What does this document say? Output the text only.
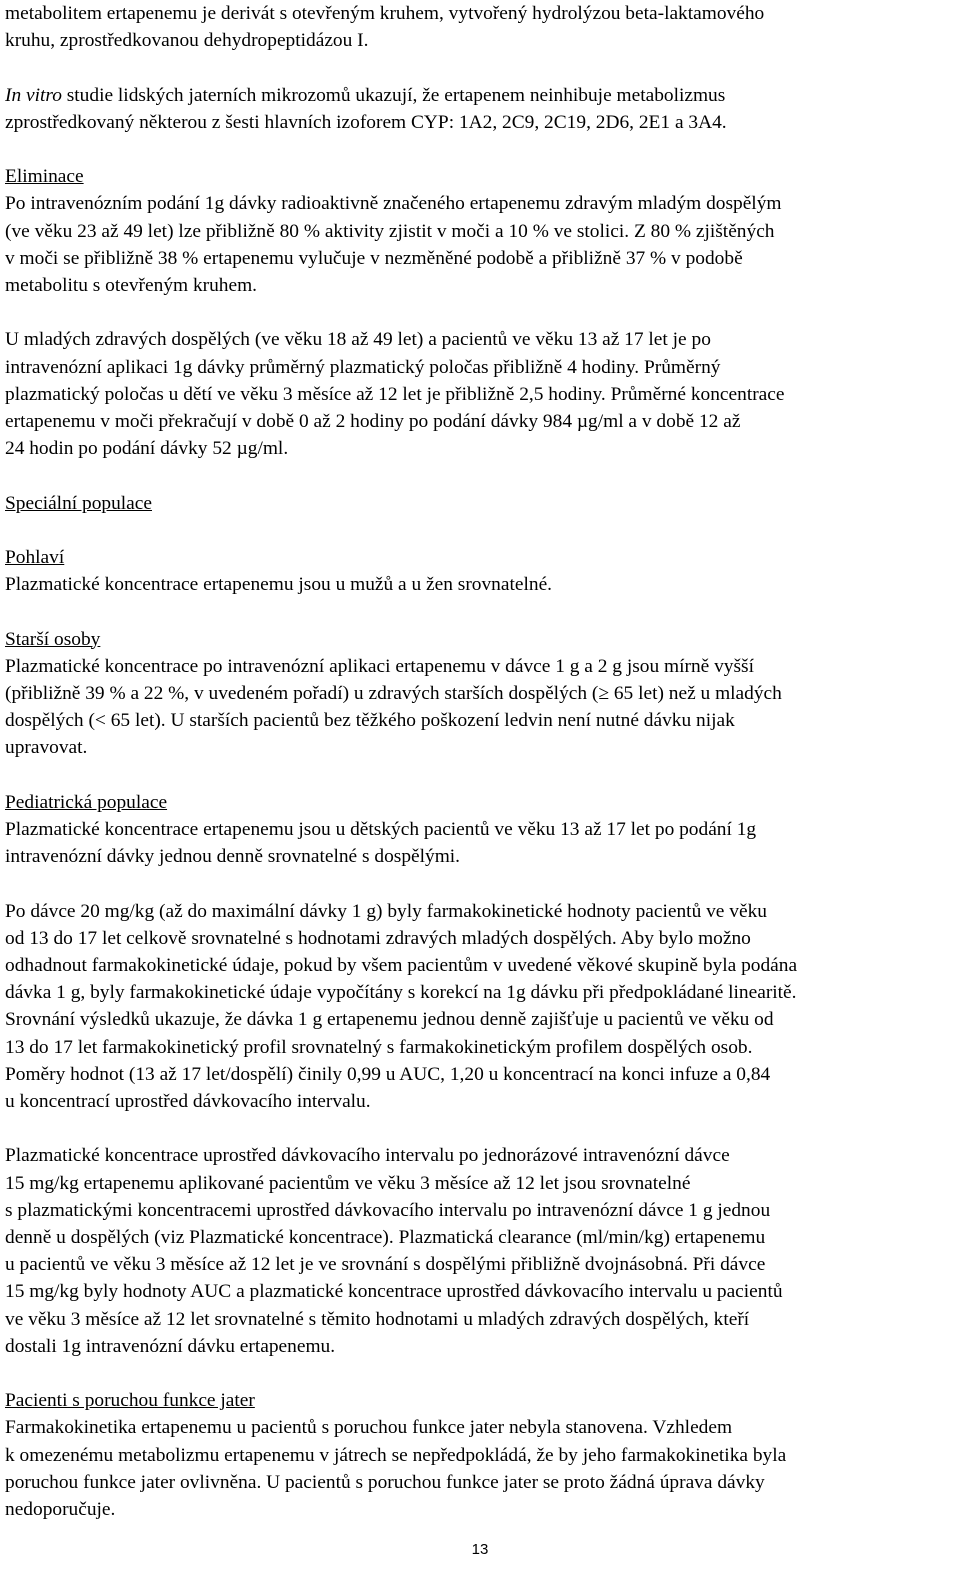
metabolitem ertapenemu je derivát s otevřeným kruhem, vytvořený hydrolýzou beta-laktamového
kruhu, zprostředkovanou dehydropeptidázou I.

In vitro studie lidských jaterních mikrozomů ukazují, že ertapenem neinhibuje metabolizmus
zprostředkovaný některou z šesti hlavních izoforem CYP: 1A2, 2C9, 2C19, 2D6, 2E1 a 3A4.

Eliminace
Po intravenózním podání 1g dávky radioaktivně značeného ertapenemu zdravým mladým dospělým
(ve věku 23 až 49 let) lze přibližně 80 % aktivity zjistit v moči a 10 % ve stolici. Z 80 % zjištěných
v moči se přibližně 38 % ertapenemu vylučuje v nezměněné podobě a přibližně 37 % v podobě
metabolitu s otevřeným kruhem.

U mladých zdravých dospělých (ve věku 18 až 49 let) a pacientů ve věku 13 až 17 let je po
intravenózní aplikaci 1g dávky průměrný plazmatický poločas přibližně 4 hodiny. Průměrný
plazmatický poločas u dětí ve věku 3 měsíce až 12 let je přibližně 2,5 hodiny. Průměrné koncentrace
ertapenemu v moči překračují v době 0 až 2 hodiny po podání dávky 984 µg/ml a v době 12 až
24 hodin po podání dávky 52 µg/ml.

Speciální populace

Pohlaví
Plazmatické koncentrace ertapenemu jsou u mužů a u žen srovnatelné.

Starší osoby
Plazmatické koncentrace po intravenózní aplikaci ertapenemu v dávce 1 g a 2 g jsou mírně vyšší
(přibližně 39 % a 22 %, v uvedeném pořadí) u zdravých starších dospělých (≥ 65 let) než u mladých
dospělých (< 65 let). U starších pacientů bez těžkého poškození ledvin není nutné dávku nijak
upravovat.

Pediatrická populace
Plazmatické koncentrace ertapenemu jsou u dětských pacientů ve věku 13 až 17 let po podání 1g
intravenózní dávky jednou denně srovnatelné s dospělými.

Po dávce 20 mg/kg (až do maximální dávky 1 g) byly farmakokinetické hodnoty pacientů ve věku
od 13 do 17 let celkově srovnatelné s hodnotami zdravých mladých dospělých. Aby bylo možno
odhadnout farmakokinetické údaje, pokud by všem pacientům v uvedené věkové skupině byla podána
dávka 1 g, byly farmakokinetické údaje vypočítány s korekcí na 1g dávku při předpokládané linearitě.
Srovnání výsledků ukazuje, že dávka 1 g ertapenemu jednou denně zajišťuje u pacientů ve věku od
13 do 17 let farmakokinetický profil srovnatelný s farmakokinetickým profilem dospělých osob.
Poměry hodnot (13 až 17 let/dospělí) činily 0,99 u AUC, 1,20 u koncentrací na konci infuze a 0,84
u koncentrací uprostřed dávkovacího intervalu.

Plazmatické koncentrace uprostřed dávkovacího intervalu po jednorázové intravenózní dávce
15 mg/kg ertapenemu aplikované pacientům ve věku 3 měsíce až 12 let jsou srovnatelné
s plazmatickými koncentracemi uprostřed dávkovacího intervalu po intravenózní dávce 1 g jednou
denně u dospělých (viz Plazmatické koncentrace). Plazmatická clearance (ml/min/kg) ertapenemu
u pacientů ve věku 3 měsíce až 12 let je ve srovnání s dospělými přibližně dvojnásobná. Při dávce
15 mg/kg byly hodnoty AUC a plazmatické koncentrace uprostřed dávkovacího intervalu u pacientů
ve věku 3 měsíce až 12 let srovnatelné s těmito hodnotami u mladých zdravých dospělých, kteří
dostali 1g intravenózní dávku ertapenemu.

Pacienti s poruchou funkce jater
Farmakokinetika ertapenemu u pacientů s poruchou funkce jater nebyla stanovena. Vzhledem
k omezenému metabolizmu ertapenemu v játrech se nepředpokládá, že by jeho farmakokinetika byla
poruchou funkce jater ovlivněna. U pacientů s poruchou funkce jater se proto žádná úprava dávky
nedoporučuje.

13
